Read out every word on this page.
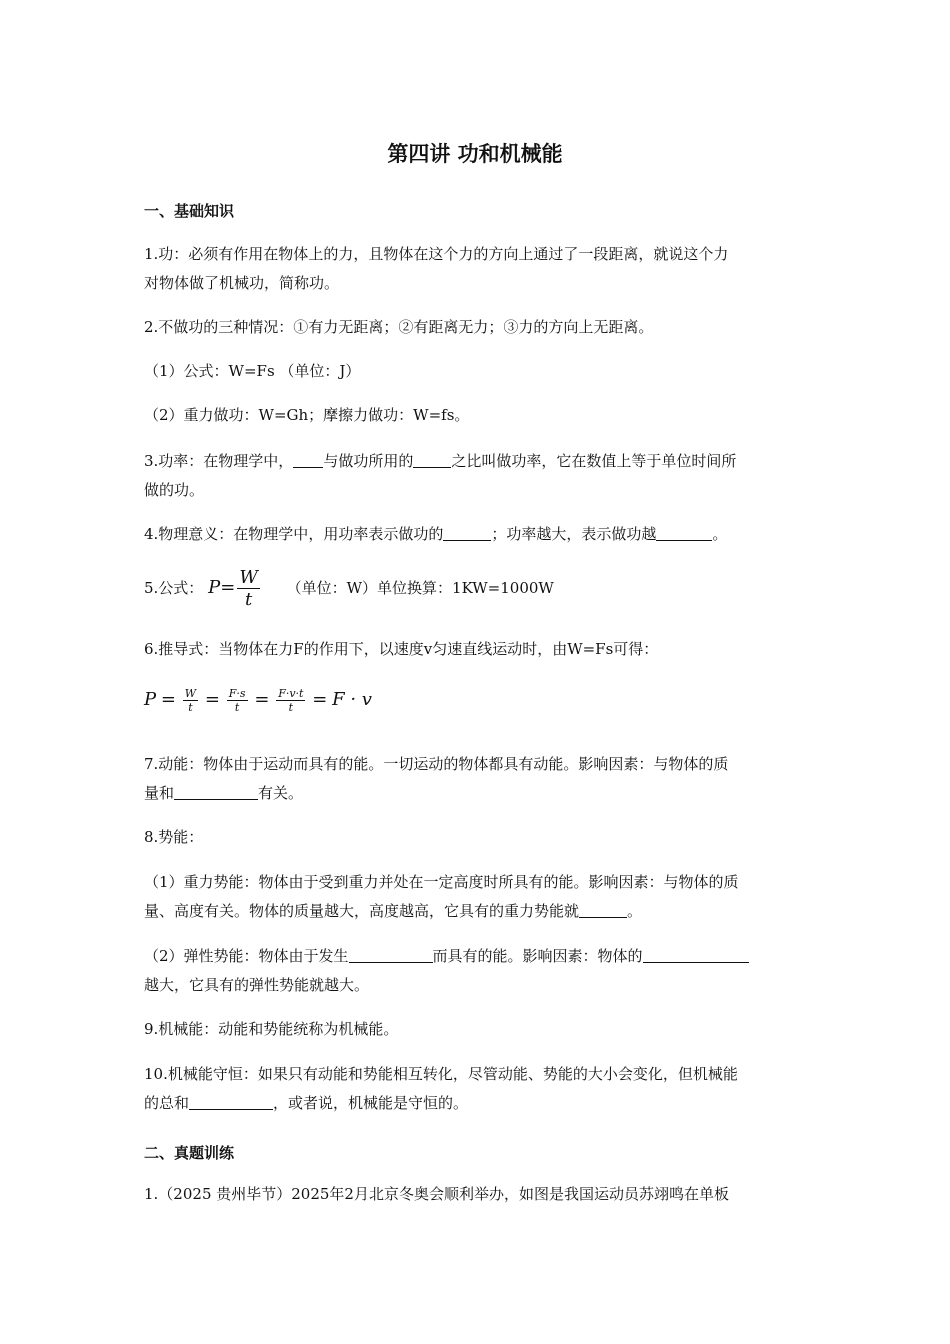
第四讲 功和机械能
一、基础知识
1.功：必须有作用在物体上的力，且物体在这个力的方向上通过了一段距离，就说这个力
对物体做了机械功，简称功。
2.不做功的三种情况：①有力无距离；②有距离无力；③力的方向上无距离。
（1）公式：W=Fs （单位：J）
（2）重力做功：W=Gh；摩擦力做功：W=fs。
3.功率：在物理学中， 与做功所用的	之比叫做功率，它在数值上等于单位时间所
做的功。
4.物理意义：在物理学中，用功率表示做功的	；功率越大，表示做功越	。
5.公式： $P= \frac{W}{t}$ （单位：W）单位换算：1KW=1000W
6.推导式：当物体在力F的作用下，以速度v匀速直线运动时，由W=Fs可得：
$P = \frac{W}{t} = \frac{F\cdot s}{t} = \frac{F\cdot v\cdot t}{t} = F \cdot v$
7.动能：物体由于运动而具有的能。一切运动的物体都具有动能。影响因素：与物体的质
量和	有关。
8.势能：
（1）重力势能：物体由于受到重力并处在一定高度时所具有的能。影响因素：与物体的质
量、高度有关。物体的质量越大，高度越高，它具有的重力势能就	。
（2）弹性势能：物体由于发生	而具有的能。影响因素：物体的
越大，它具有的弹性势能就越大。
9.机械能：动能和势能统称为机械能。
10.机械能守恒：如果只有动能和势能相互转化，尽管动能、势能的大小会变化，但机械能
的总和	，或者说，机械能是守恒的。
二、真题训练
1.（2025 贵州毕节）2025年2月北京冬奥会顺利举办，如图是我国运动员苏翊鸣在单板
